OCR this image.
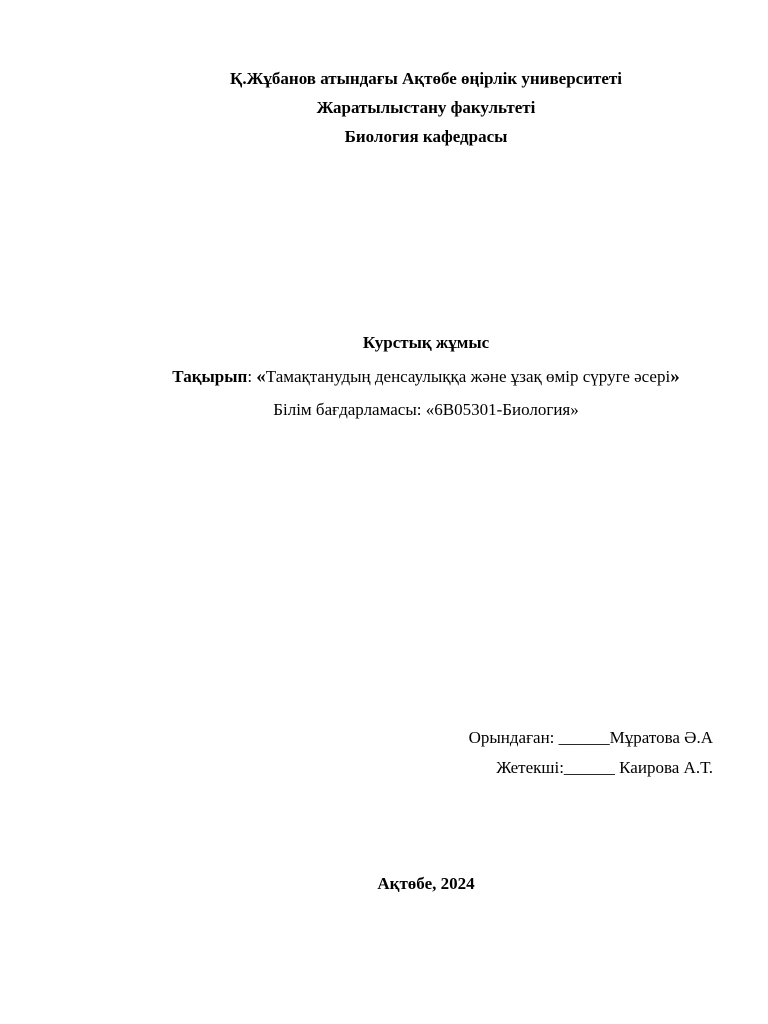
Қ.Жұбанов атындағы Ақтөбе өңірлік университеті
Жаратылыстану факультеті
Биология кафедрасы
Курстық жұмыс
Тақырып: «Тамақтанудың денсаулыққа және ұзақ өмір сүруге әсері»
Білім бағдарламасы: «6В05301-Биология»
Орындаған: ______Мұратова Ә.А
Жетекші:______ Каирова А.Т.
Ақтөбе, 2024
